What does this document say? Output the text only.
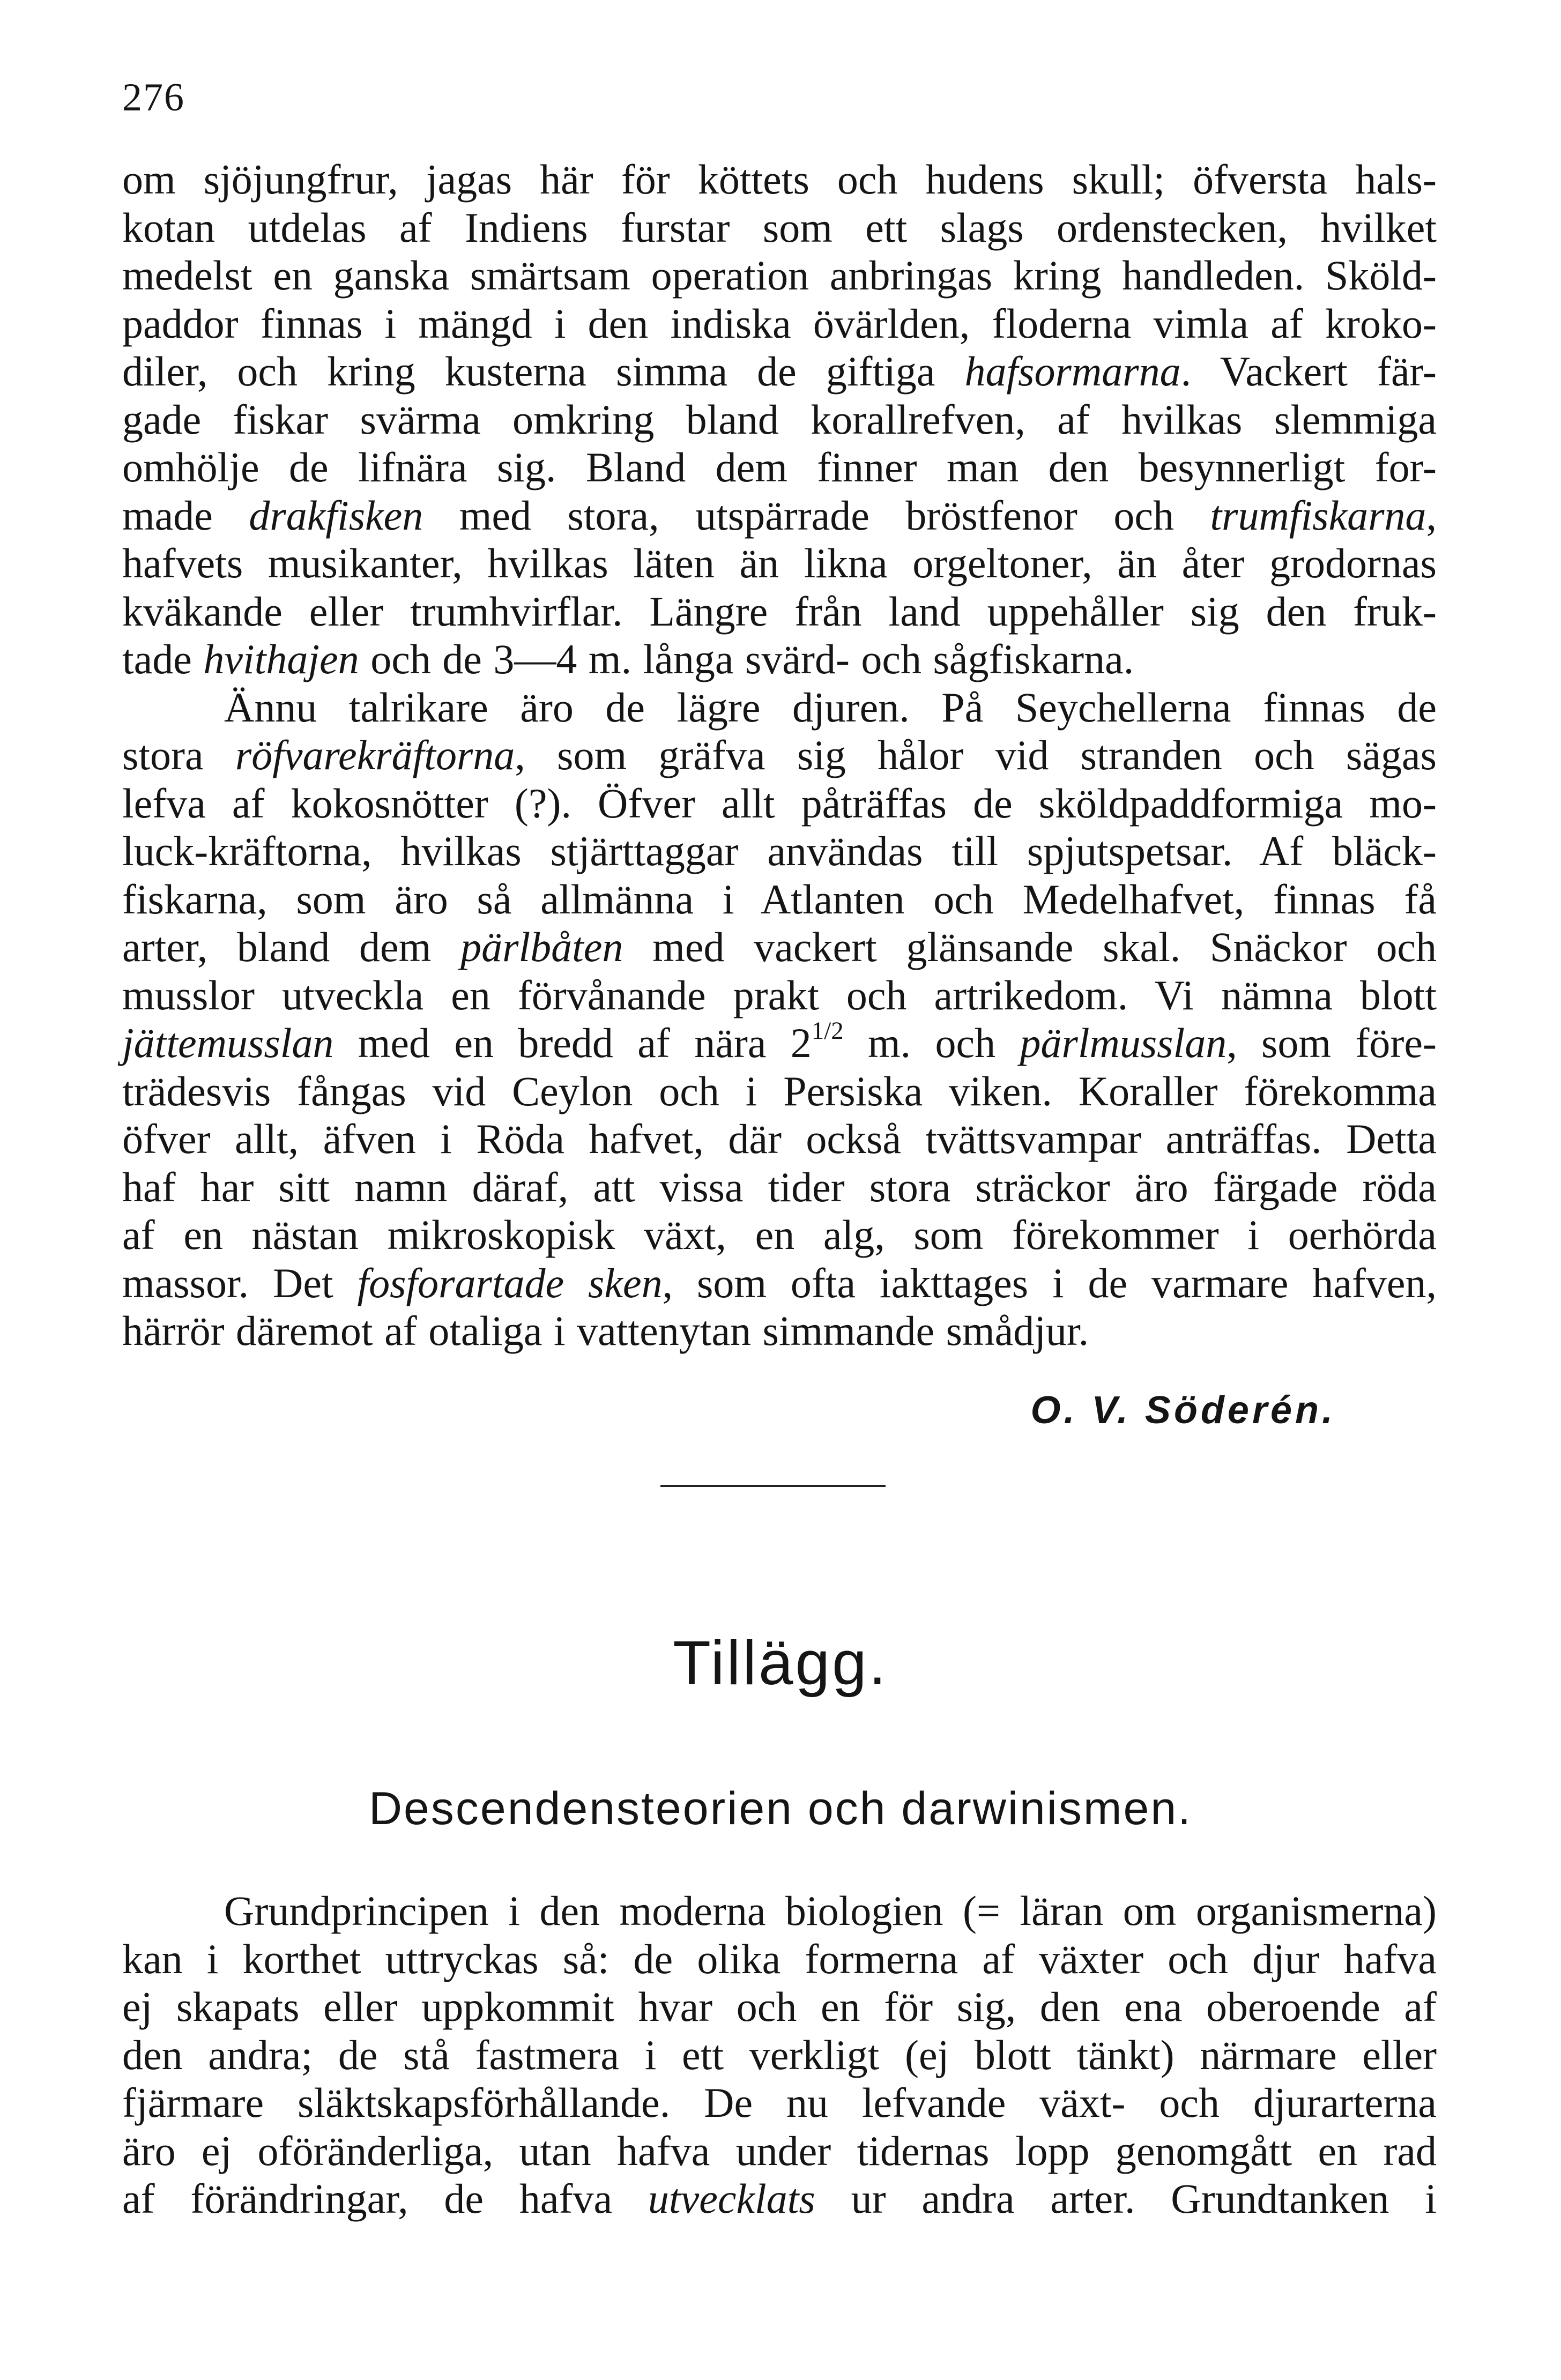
276
om sjöjungfrur, jagas här för köttets och hudens skull; öfversta hals-
kotan utdelas af Indiens furstar som ett slags ordenstecken, hvilket
medelst en ganska smärtsam operation anbringas kring handleden. Sköld-
paddor finnas i mängd i den indiska övärlden, floderna vimla af kroko-
diler, och kring kusterna simma de giftiga hafsormarna. Vackert fär-
gade fiskar svärma omkring bland korallrefven, af hvilkas slemmiga
omhölje de lifnära sig. Bland dem finner man den besynnerligt for-
made drakfisken med stora, utspärrade bröstfenor och trumfiskarna,
hafvets musikanter, hvilkas läten än likna orgeltoner, än åter grodornas
kväkande eller trumhvirflar. Längre från land uppehåller sig den fruk-
tade hvithajen och de 3—4 m. långa svärd- och sågfiskarna.
Ännu talrikare äro de lägre djuren. På Seychellerna finnas de
stora röfvarekräftorna, som gräfva sig hålor vid stranden och sägas
lefva af kokosnötter (?). Öfver allt påträffas de sköldpaddformiga mo-
luck-kräftorna, hvilkas stjärttaggar användas till spjutspetsar. Af bläck-
fiskarna, som äro så allmänna i Atlanten och Medelhafvet, finnas få
arter, bland dem pärlbåten med vackert glänsande skal. Snäckor och
musslor utveckla en förvånande prakt och artrikedom. Vi nämna blott
jättemusslan med en bredd af nära $2^{1/2}$ m. och pärlmusslan, som före-
trädesvis fångas vid Ceylon och i Persiska viken. Koraller förekomma
öfver allt, äfven i Röda hafvet, där också tvättsvampar anträffas. Detta
haf har sitt namn däraf, att vissa tider stora sträckor äro färgade röda
af en nästan mikroskopisk växt, en alg, som förekommer i oerhörda
massor. Det fosforartade sken, som ofta iakttages i de varmare hafven,
härrör däremot af otaliga i vattenytan simmande smådjur.
O. V. Söderén.
Tillägg.
Descendensteorien och darwinismen.
Grundprincipen i den moderna biologien (= läran om organismerna)
kan i korthet uttryckas så: de olika formerna af växter och djur hafva
ej skapats eller uppkommit hvar och en för sig, den ena oberoende af
den andra; de stå fastmera i ett verkligt (ej blott tänkt) närmare eller
fjärmare släktskapsförhållande. De nu lefvande växt- och djurarterna
äro ej oföränderliga, utan hafva under tidernas lopp genomgått en rad
af förändringar, de hafva utvecklats ur andra arter. Grundtanken i
